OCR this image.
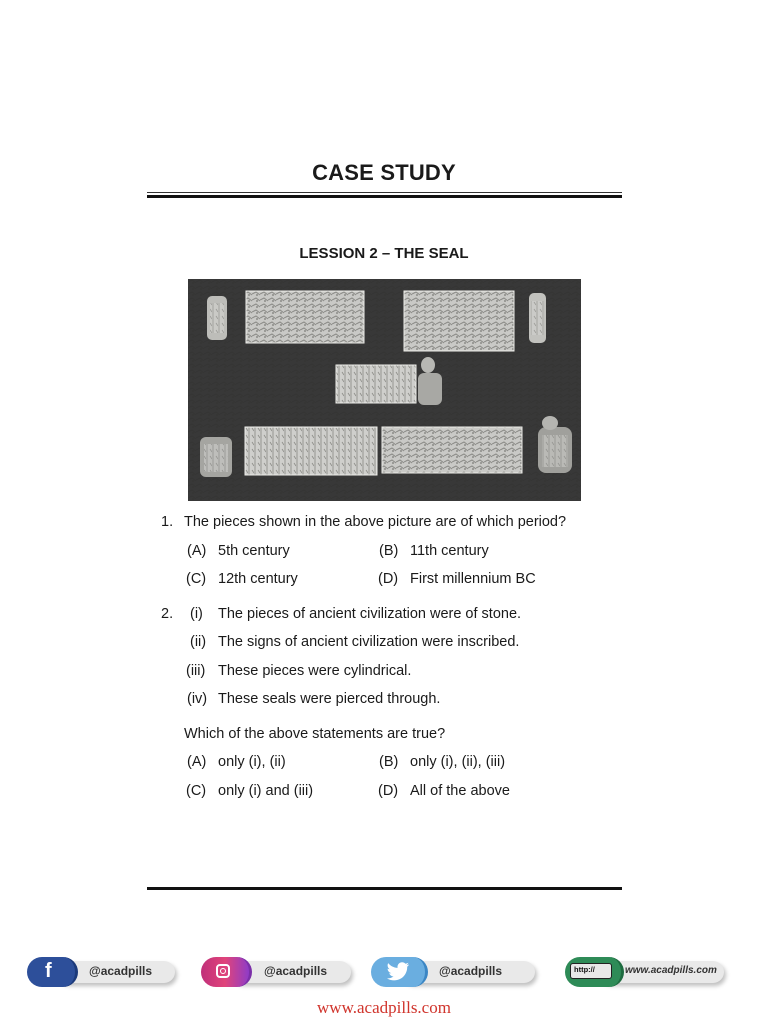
CASE STUDY
LESSION 2 – THE SEAL
1. The pieces shown in the above picture are of which period?
(A) 5th century	(B) 11th century
(C) 12th century	(D) First millennium BC
2. (i) The pieces of ancient civilization were of stone.
(ii) The signs of ancient civilization were inscribed.
(iii) These pieces were cylindrical.
(iv) These seals were pierced through.
Which of the above statements are true?
(A) only (i), (ii)	(B) only (i), (ii), (iii)
(C) only (i) and (iii)	(D) All of the above
f	@acadpills	@acadpills	@acadpills	http://	www.acadpills.com
www.acadpills.com
